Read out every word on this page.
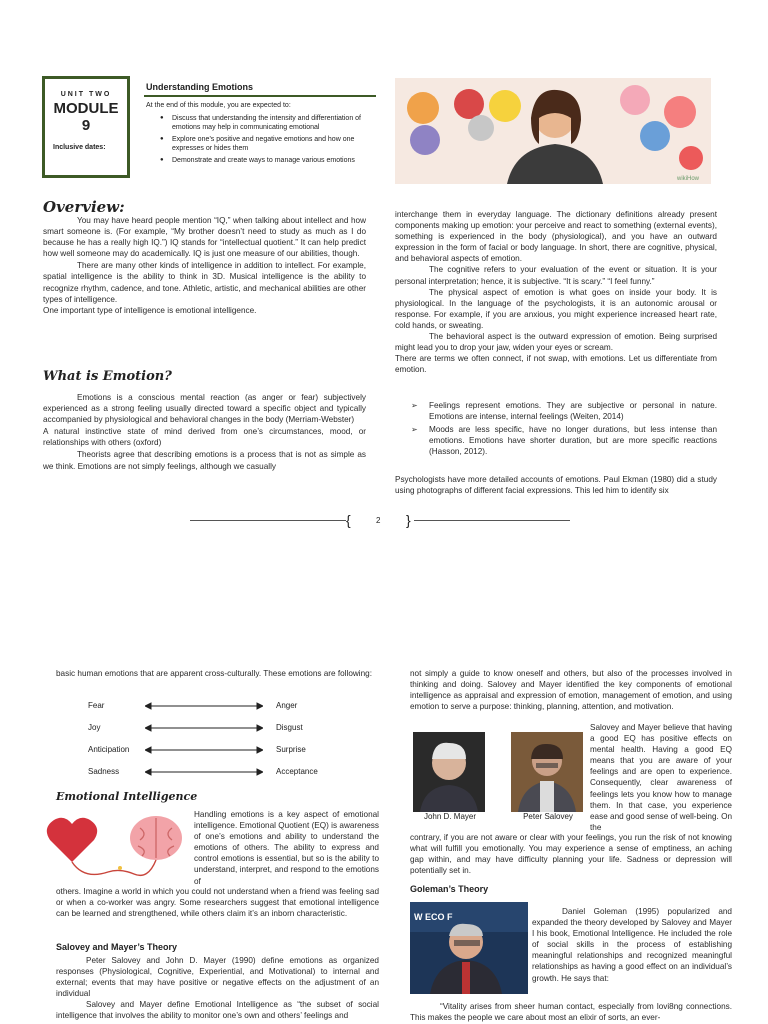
UNIT TWO
MODULE
9
Inclusive dates:
Understanding Emotions
At the end of this module, you are expected to:
● Discuss that understanding the intensity and differentiation of emotions may help in communicating emotional
● Explore one’s positive and negative emotions and how one expresses or hides them
● Demonstrate and create ways to manage various emotions
wikiHow
Overview:

You may have heard people mention “IQ,” when talking about intellect and how smart someone is. (For example, “My brother doesn’t need to study as much as I do because he has a really high IQ.”) IQ stands for “intellectual quotient.” It can help predict how well someone may do academically. IQ is just one measure of our abilities, though.

There are many other kinds of intelligence in addition to intellect. For example, spatial intelligence is the ability to think in 3D. Musical intelligence is the ability to recognize rhythm, cadence, and tone. Athletic, artistic, and mechanical abilities are other types of intelligence.

One important type of intelligence is emotional intelligence.

What is Emotion?

Emotions is a conscious mental reaction (as anger or fear) subjectively experienced as a strong feeling usually directed toward a specific object and typically accompanied by physiological and behavioral changes in the body (Merriam-Webster)

A natural instinctive state of mind derived from one’s circumstances, mood, or relationships with others (oxford)

Theorists agree that describing emotions is a process that is not as simple as we think. Emotions are not simply feelings, although we casually

interchange them in everyday language. The dictionary definitions already present components making up emotion: your perceive and react to something (external events), something is experienced in the body (physiological), and you have an outward expression in the form of facial or body language. In short, there are cognitive, physical, and behavioral aspects of emotion.

The cognitive refers to your evaluation of the event or situation. It is your personal interpretation; hence, it is subjective. “It is scary.” “I feel funny.”

The physical aspect of emotion is what goes on inside your body. It is physiological. In the language of the psychologists, it is an autonomic arousal or response. For example, if you are anxious, you might experience increased heart rate, cold hands, or sweating.

The behavioral aspect is the outward expression of emotion. Being surprised might lead you to drop your jaw, widen your eyes or scream.

There are terms we often connect, if not swap, with emotions. Let us differentiate from emotion.

➢ Feelings represent emotions. They are subjective or personal in nature. Emotions are intense, internal feelings (Weiten, 2014)
➢ Moods are less specific, have no longer durations, but less intense than emotions. Emotions have shorter duration, but are more specific reactions (Hasson, 2012).
Psychologists have more detailed accounts of emotions. Paul Ekman (1980) did a study using photographs of different facial expressions. This led him to identify six
{	}
2
basic human emotions that are apparent cross-culturally. These emotions are following:
Fear	Anger
Joy	Disgust
Anticipation	Surprise
Sadness	Acceptance
Emotional Intelligence
Handling emotions is a key aspect of emotional intelligence. Emotional Quotient (EQ) is awareness of one’s emotions and ability to understand the emotions of others. The ability to express and control emotions is essential, but so is the ability to understand, interpret, and respond to the emotions of
others. Imagine a world in which you could not understand when a friend was feeling sad or when a co-worker was angry. Some researchers suggest that emotional intelligence can be learned and strengthened, while others claim it’s an inborn characteristic.
Salovey and Mayer’s Theory

Peter Salovey and John D. Mayer (1990) define emotions as organized responses (Physiological, Cognitive, Experiential, and Motivational) to internal and external; events that may have positive or negative effects on the adjustment of an individual

Salovey and Mayer define Emotional Intelligence as “the subset of social intelligence that involves the ability to monitor one’s own and others’ feelings and

not simply a guide to know oneself and others, but also of the processes involved in thinking and doing. Salovey and Mayer identified the key components of emotional intelligence as appraisal and expression of emotion, management of emotion, and using emotion to serve a purpose: thinking, planning, attention, and motivation.
John D. Mayer	Peter Salovey
Salovey and Mayer believe that having a good EQ has positive effects on mental health. Having a good EQ means that you are aware of your feelings and are open to experience. Consequently, clear awareness of feelings lets you know how to manage them. In that case, you experience ease and good sense of well-being. On the
contrary, if you are not aware or clear with your feelings, you run the risk of not knowing what will fulfill you emotionally. You may experience a sense of emptiness, an aching gap within, and may have difficulty planning your life. Sadness or depression will potentially set in.
Goleman’s Theory
W ECO F
Daniel Goleman (1995) popularized and expanded the theory developed by Salovey and Mayer I his book, Emotional Intelligence. He included the role of social skills in the process of establishing meaningful relationships and recognized meaningful relationships as having a good effect on an individual’s growth. He says that:
“Vitality arises from sheer human contact, especially from lovi8ng connections. This makes the people we care about most an elixir of sorts, an ever-
